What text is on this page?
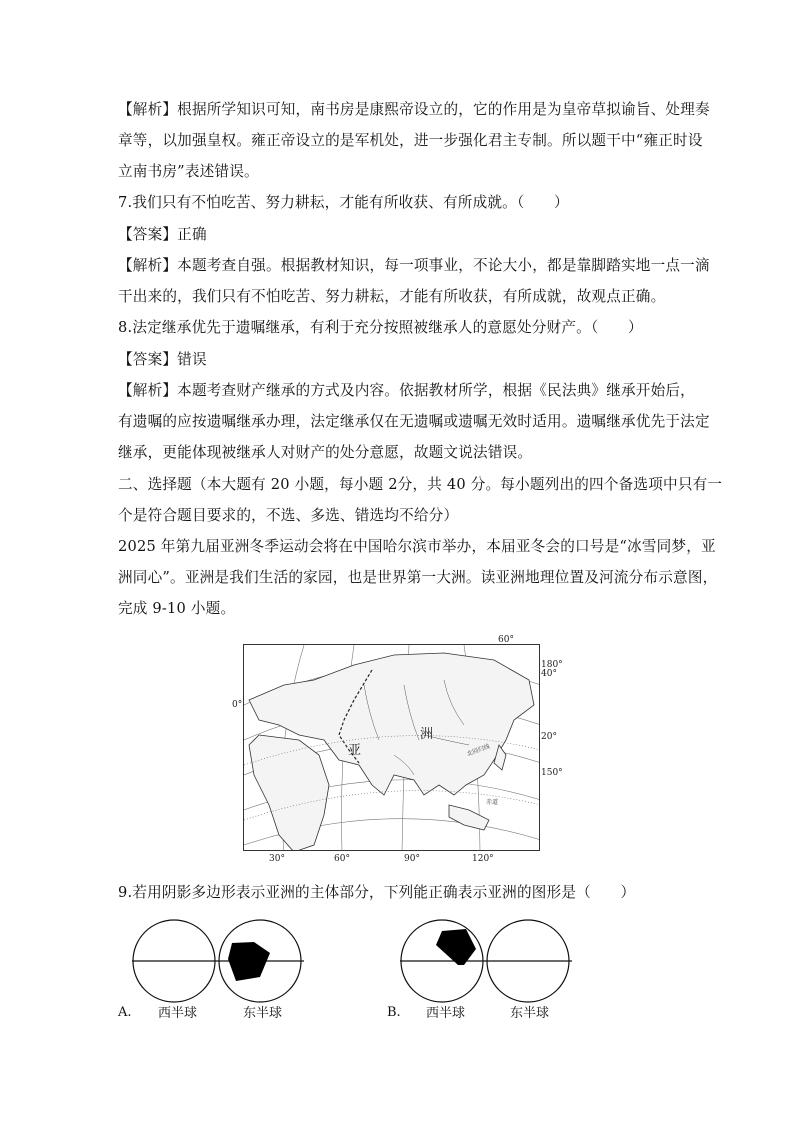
【解析】根据所学知识可知，南书房是康熙帝设立的，它的作用是为皇帝草拟谕旨、处理奏
章等，以加强皇权。雍正帝设立的是军机处，进一步强化君主专制。所以题干中“雍正时设
立南书房”表述错误。
7.我们只有不怕吃苦、努力耕耘，才能有所收获、有所成就。（　　）
【答案】正确
【解析】本题考查自强。根据教材知识，每一项事业，不论大小，都是靠脚踏实地一点一滴
干出来的，我们只有不怕吃苦、努力耕耘，才能有所收获，有所成就，故观点正确。
8.法定继承优先于遗嘱继承，有利于充分按照被继承人的意愿处分财产。（　　）
【答案】错误
【解析】本题考查财产继承的方式及内容。依据教材所学，根据《民法典》继承开始后，
有遗嘱的应按遗嘱继承办理，法定继承仅在无遗嘱或遗嘱无效时适用。遗嘱继承优先于法定
继承，更能体现被继承人对财产的处分意愿，故题文说法错误。
二、选择题（本大题有 20 小题，每小题 2分，共 40 分。每小题列出的四个备选项中只有一
个是符合题目要求的，不选、多选、错选均不给分）
2025 年第九届亚洲冬季运动会将在中国哈尔滨市举办，本届亚冬会的口号是“冰雪同梦，亚
洲同心”。亚洲是我们生活的家园，也是世界第一大洲。读亚洲地理位置及河流分布示意图，
完成 9-10 小题。
9.若用阴影多边形表示亚洲的主体部分，下列能正确表示亚洲的图形是（　　）
亚
洲
北回归线
赤道
60°
180°
40°
20°
150°
0°
30°	60°	90°	120°
A. 西半球	东半球	B. 西半球	东半球
